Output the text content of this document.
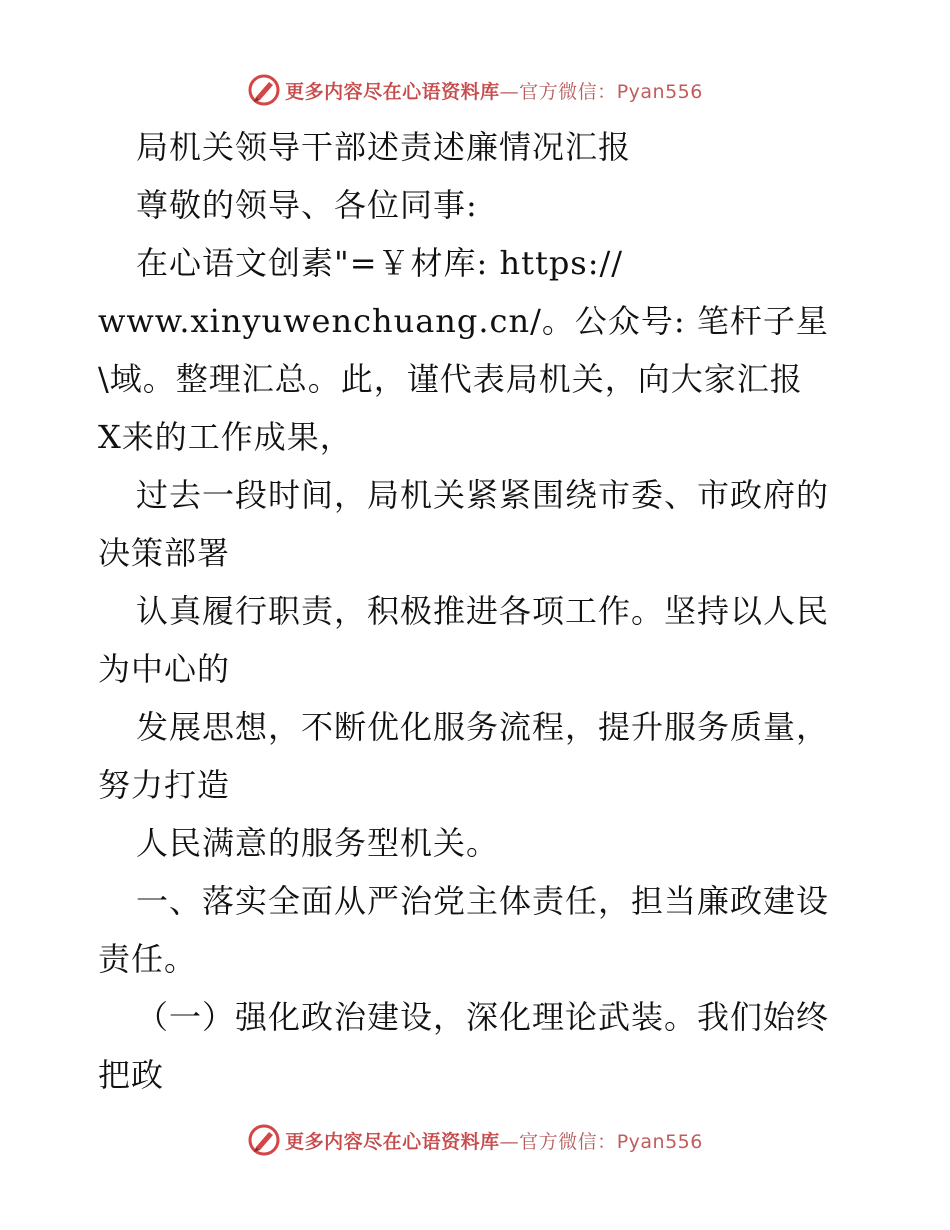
更多内容尽在心语资料库—官方微信：Pyan556
局机关领导干部述责述廉情况汇报
尊敬的领导、各位同事:
在心语文创素"=￥材库: https://
www.xinyuwenchuang.cn/。公众号: 笔杆子星
\域。整理汇总。此，谨代表局机关，向大家汇报
X来的工作成果，
过去一段时间，局机关紧紧围绕市委、市政府的
决策部署
认真履行职责，积极推进各项工作。坚持以人民
为中心的
发展思想，不断优化服务流程，提升服务质量，
努力打造
人民满意的服务型机关。
一、落实全面从严治党主体责任，担当廉政建设
责任。
（一）强化政治建设，深化理论武装。我们始终
把政
更多内容尽在心语资料库—官方微信：Pyan556
